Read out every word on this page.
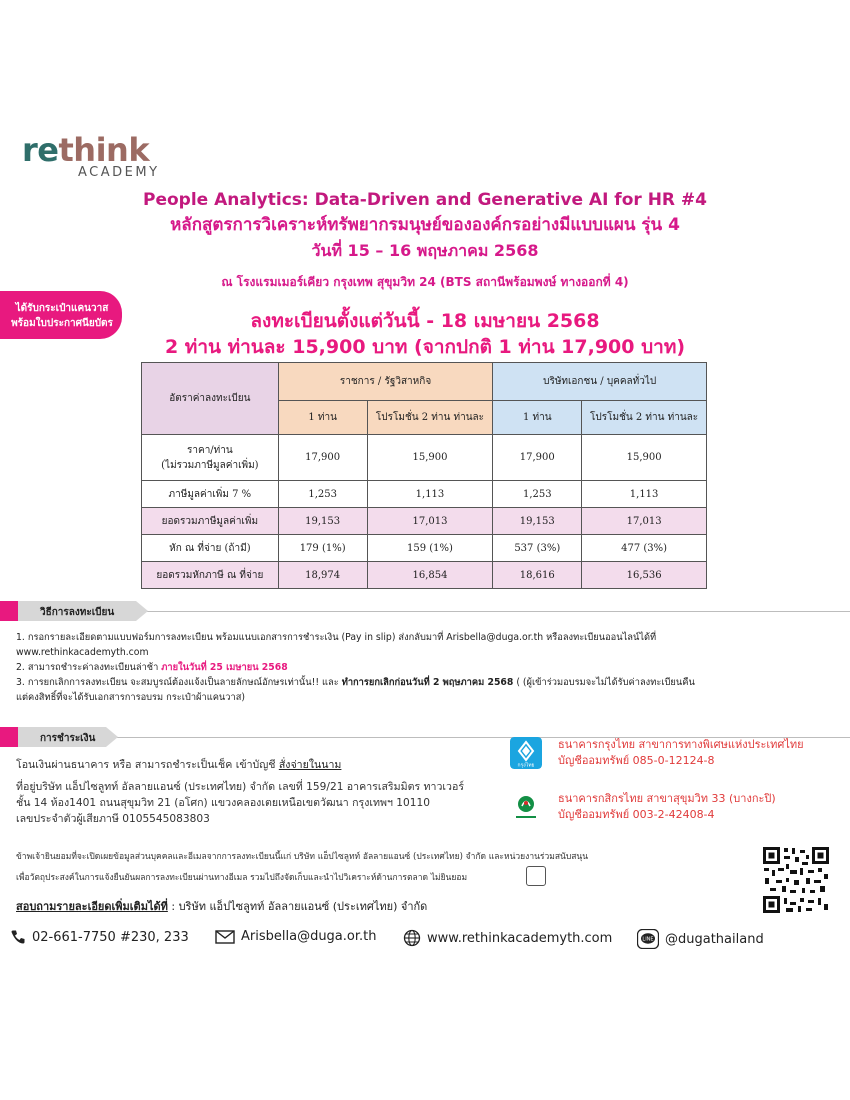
rethink
ACADEMY
People Analytics: Data-Driven and Generative AI for HR #4
หลักสูตรการวิเคราะห์ทรัพยากรมนุษย์ขององค์กรอย่างมีแบบแผน รุ่น 4
วันที่ 15 – 16 พฤษภาคม 2568
ณ โรงแรมเมอร์เคียว กรุงเทพ สุขุมวิท 24 (BTS สถานีพร้อมพงษ์ ทางออกที่ 4)
ได้รับกระเป๋าแคนวาส
พร้อมใบประกาศนียบัตร	ลงทะเบียนตั้งแต่วันนี้ - 18 เมษายน 2568
2 ท่าน ท่านละ 15,900 บาท (จากปกติ 1 ท่าน 17,900 บาท)
อัตราค่าลงทะเบียน	ราชการ / รัฐวิสาหกิจ		บริษัทเอกชน / บุคคลทั่วไป	
	1 ท่าน	โปรโมชั่น 2 ท่าน ท่านละ	1 ท่าน	โปรโมชั่น 2 ท่าน ท่านละ

ราคา/ท่าน
(ไม่รวมภาษีมูลค่าเพิ่ม)	17,900	15,900	17,900	15,900
ภาษีมูลค่าเพิ่ม 7 %	1,253	1,113	1,253	1,113
ยอดรวมภาษีมูลค่าเพิ่ม	19,153	17,013	19,153	17,013
หัก ณ ที่จ่าย (ถ้ามี)	179 (1%)	159 (1%)	537 (3%)	477 (3%)
ยอดรวมหักภาษี ณ ที่จ่าย	18,974	16,854	18,616	16,536
วิธีการลงทะเบียน
1. กรอกรายละเอียดตามแบบฟอร์มการลงทะเบียน พร้อมแนบเอกสารการชำระเงิน (Pay in slip) ส่งกลับมาที่ Arisbella@duga.or.th หรือลงทะเบียนออนไลน์ได้ที่
www.rethinkacademyth.com
2. สามารถชำระค่าลงทะเบียนล่าช้า ภายในวันที่ 25 เมษายน 2568
3. การยกเลิกการลงทะเบียน จะสมบูรณ์ต้องแจ้งเป็นลายลักษณ์อักษรเท่านั้น!! และ ทำการยกเลิกก่อนวันที่ 2 พฤษภาคม 2568 ( (ผู้เข้าร่วมอบรมจะไม่ได้รับค่าลงทะเบียนคืน
แต่คงสิทธิ์ที่จะได้รับเอกสารการอบรม กระเป๋าผ้าแคนวาส)
การชำระเงิน

โอนเงินผ่านธนาคาร หรือ สามารถชำระเป็นเช็ค เข้าบัญชี สั่งจ่ายในนาม

ที่อยู่บริษัท แอ็ปไซลูทท์ อัลลายแอนซ์ (ประเทศไทย) จำกัด เลขที่ 159/21 อาคารเสริมมิตร ทาวเวอร์
ชั้น 14 ห้อง1401 ถนนสุขุมวิท 21 (อโศก) แขวงคลองเตยเหนือเขตวัฒนา กรุงเทพฯ 10110
เลขประจำตัวผู้เสียภาษี 0105545083803
กรุงไทย
ธนาคารกรุงไทย สาขาการทางพิเศษแห่งประเทศไทย
บัญชีออมทรัพย์ 085-0-12124-8
ธนาคารกสิกรไทย สาขาสุขุมวิท 33 (บางกะปิ)
บัญชีออมทรัพย์ 003-2-42408-4
ข้าพเจ้ายินยอมที่จะเปิดเผยข้อมูลส่วนบุคคลและอีเมลจากการลงทะเบียนนี้แก่ บริษัท แอ็ปไซลูทท์ อัลลายแอนซ์ (ประเทศไทย) จำกัด และหน่วยงานร่วมสนับสนุน
เพื่อวัตถุประสงค์ในการแจ้งยืนยันผลการลงทะเบียนผ่านทางอีเมล รวมไปถึงจัดเก็บและนำไปวิเคราะห์ด้านการตลาด ไม่ยินยอม
สอบถามรายละเอียดเพิ่มเติมได้ที่ : บริษัท แอ็ปไซลูทท์ อัลลายแอนซ์ (ประเทศไทย) จำกัด
02-661-7750 #230, 233	Arisbella@duga.or.th	www.rethinkacademyth.com	LINE @dugathailand
